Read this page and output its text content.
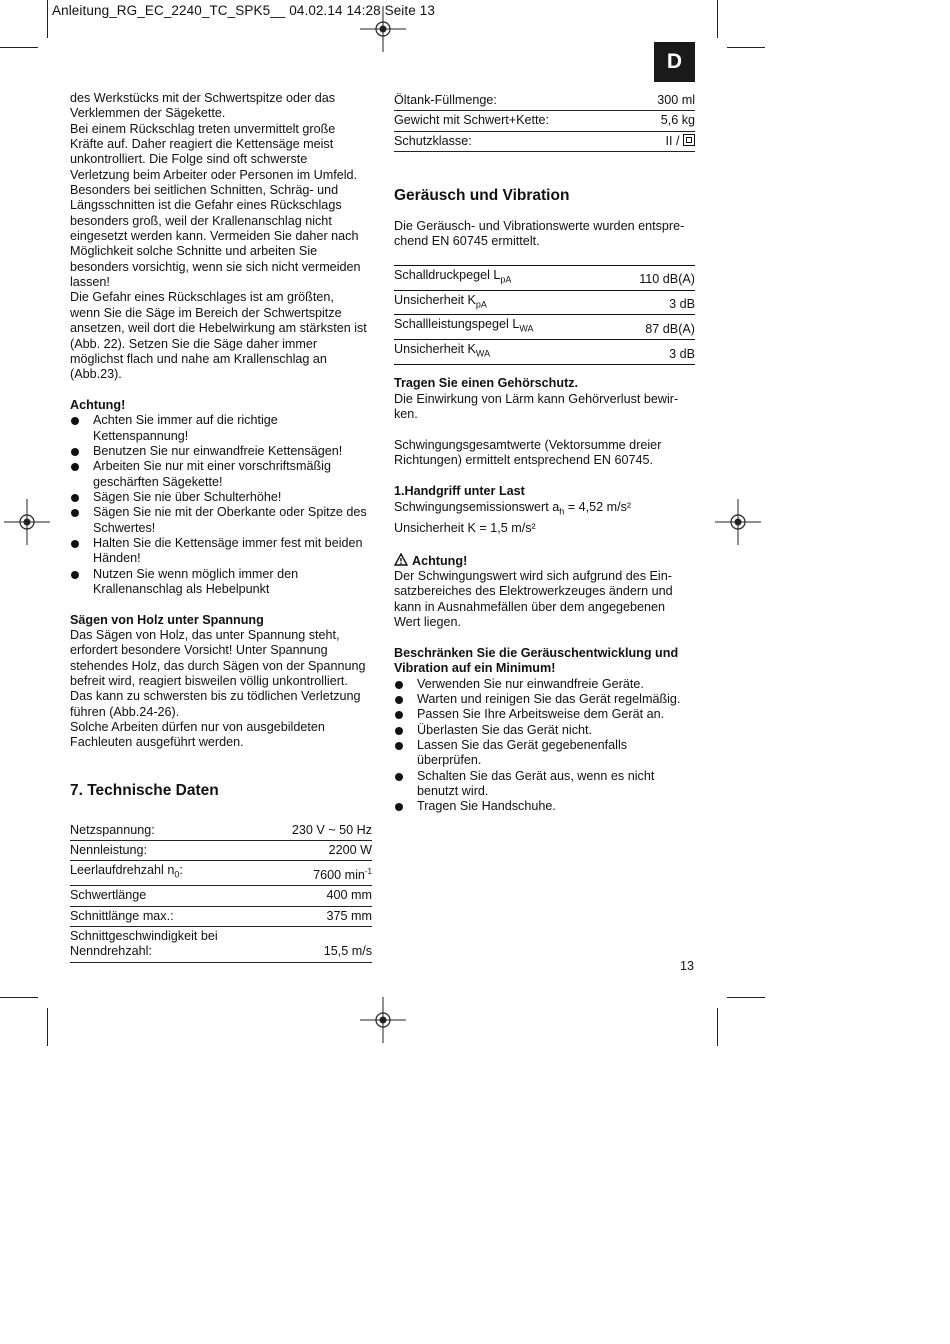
Anleitung_RG_EC_2240_TC_SPK5__ 04.02.14 14:28 Seite 13
D
des Werkstücks mit der Schwertspitze oder das
Verklemmen der Sägekette.
Bei einem Rückschlag treten unvermittelt große
Kräfte auf. Daher reagiert die Kettensäge meist
unkontrolliert. Die Folge sind oft schwerste
Verletzung beim Arbeiter oder Personen im Umfeld.
Besonders bei seitlichen Schnitten, Schräg- und
Längsschnitten ist die Gefahr eines Rückschlags
besonders groß, weil der Krallenanschlag nicht
eingesetzt werden kann. Vermeiden Sie daher nach
Möglichkeit solche Schnitte und arbeiten Sie
besonders vorsichtig, wenn sie sich nicht vermeiden
lassen!
Die Gefahr eines Rückschlages ist am größten,
wenn Sie die Säge im Bereich der Schwertspitze
ansetzen, weil dort die Hebelwirkung am stärksten ist
(Abb. 22). Setzen Sie die Säge daher immer
möglichst flach und nahe am Krallenschlag an
(Abb.23).

Achtung!

Achten Sie immer auf die richtige
Kettenspannung!
Benutzen Sie nur einwandfreie Kettensägen!
Arbeiten Sie nur mit einer vorschriftsmäßig
geschärften Sägekette!
Sägen Sie nie über Schulterhöhe!
Sägen Sie nie mit der Oberkante oder Spitze des
Schwertes!
Halten Sie die Kettensäge immer fest mit beiden
Händen!
Nutzen Sie wenn möglich immer den
Krallenanschlag als Hebelpunkt

Sägen von Holz unter Spannung

Das Sägen von Holz, das unter Spannung steht,
erfordert besondere Vorsicht! Unter Spannung
stehendes Holz, das durch Sägen von der Spannung
befreit wird, reagiert bisweilen völlig unkontrolliert.
Das kann zu schwersten bis zu tödlichen Verletzung
führen (Abb.24-26).
Solche Arbeiten dürfen nur von ausgebildeten
Fachleuten ausgeführt werden.
7. Technische Daten
Netzspannung:	230 V ~ 50 Hz
Nennleistung:	2200 W
Leerlaufdrehzahl $n_0$:	7600 $\min^{-1}$
Schwertlänge	400 mm
Schnittlänge max.:	375 mm
Schnittgeschwindigkeit bei Nenndrehzahl:	15,5 m/s
Öltank-Füllmenge:	300 ml
Gewicht mit Schwert+Kette:	5,6 kg
Schutzklasse:	II /
Geräusch und Vibration
Die Geräusch- und Vibrationswerte wurden entspre-
chend EN 60745 ermittelt.
Schalldruckpegel $L_{pA}$	110 dB(A)
Unsicherheit $K_{pA}$	3 dB
Schallleistungspegel $L_{WA}$	87 dB(A)
Unsicherheit $K_{WA}$	3 dB

Tragen Sie einen Gehörschutz.

Die Einwirkung von Lärm kann Gehörverlust bewir-
ken.
Schwingungsgesamtwerte (Vektorsumme dreier
Richtungen) ermittelt entsprechend EN 60745.

1.Handgriff unter Last

Schwingungsemissionswert $a_h = 4,52$ m/s²

Unsicherheit K = 1,5 m/s²

Achtung!

Der Schwingungswert wird sich aufgrund des Ein-
satzbereiches des Elektrowerkzeuges ändern und
kann in Ausnahmefällen über dem angegebenen
Wert liegen.
Beschränken Sie die Geräuschentwicklung und
Vibration auf ein Minimum!
Verwenden Sie nur einwandfreie Geräte.
Warten und reinigen Sie das Gerät regelmäßig.
Passen Sie Ihre Arbeitsweise dem Gerät an.
Überlasten Sie das Gerät nicht.
Lassen Sie das Gerät gegebenenfalls
überprüfen.
Schalten Sie das Gerät aus, wenn es nicht
benutzt wird.
Tragen Sie Handschuhe.
13
